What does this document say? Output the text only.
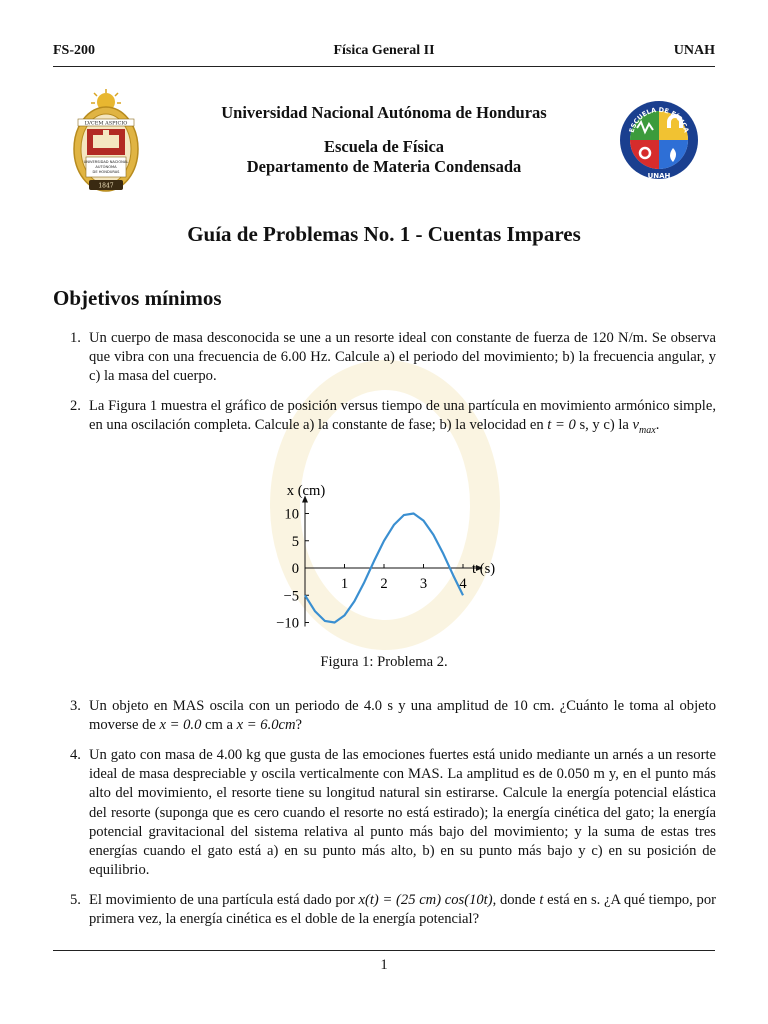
FS-200	Física General II	UNAH
LVCEM ASPICIO
UNIVERSIDAD NACIONAL
AUTÓNOMA
DE HONDURAS
1847
ESCUELA DE FÍSICA
UNAH
Universidad Nacional Autónoma de Honduras
Escuela de Física
Departamento de Materia Condensada
Guía de Problemas No. 1 - Cuentas Impares
Objetivos mínimos
1. Un cuerpo de masa desconocida se une a un resorte ideal con constante de fuerza de 120 N/m. Se observa que vibra con una frecuencia de 6.00 Hz. Calcule a) el periodo del movimiento; b) la frecuencia angular, y c) la masa del cuerpo.
2. La Figura 1 muestra el gráfico de posición versus tiempo de una partícula en movimiento armónico simple, en una oscilación completa. Calcule a) la constante de fase; b) la velocidad en t = 0 s, y c) la $v_{max}$.
10
5
0
−5
−10
1 2 3 4
x (cm)
t (s)
Figura 1: Problema 2.
3. Un objeto en MAS oscila con un periodo de 4.0 s y una amplitud de 10 cm. ¿Cuánto le toma al objeto moverse de x = 0.0 cm a x = 6.0cm?
4. Un gato con masa de 4.00 kg que gusta de las emociones fuertes está unido mediante un arnés a un resorte ideal de masa despreciable y oscila verticalmente con MAS. La amplitud es de 0.050 m y, en el punto más alto del movimiento, el resorte tiene su longitud natural sin estirarse. Calcule la energía potencial elástica del resorte (suponga que es cero cuando el resorte no está estirado); la energía cinética del gato; la energía potencial gravitacional del sistema relativa al punto más bajo del movimiento; y la suma de estas tres energías cuando el gato está a) en su punto más alto, b) en su punto más bajo y c) en su posición de equilibrio.
5. El movimiento de una partícula está dado por x(t) = (25 cm) cos(10t), donde t está en s. ¿A qué tiempo, por primera vez, la energía cinética es el doble de la energía potencial?
1
